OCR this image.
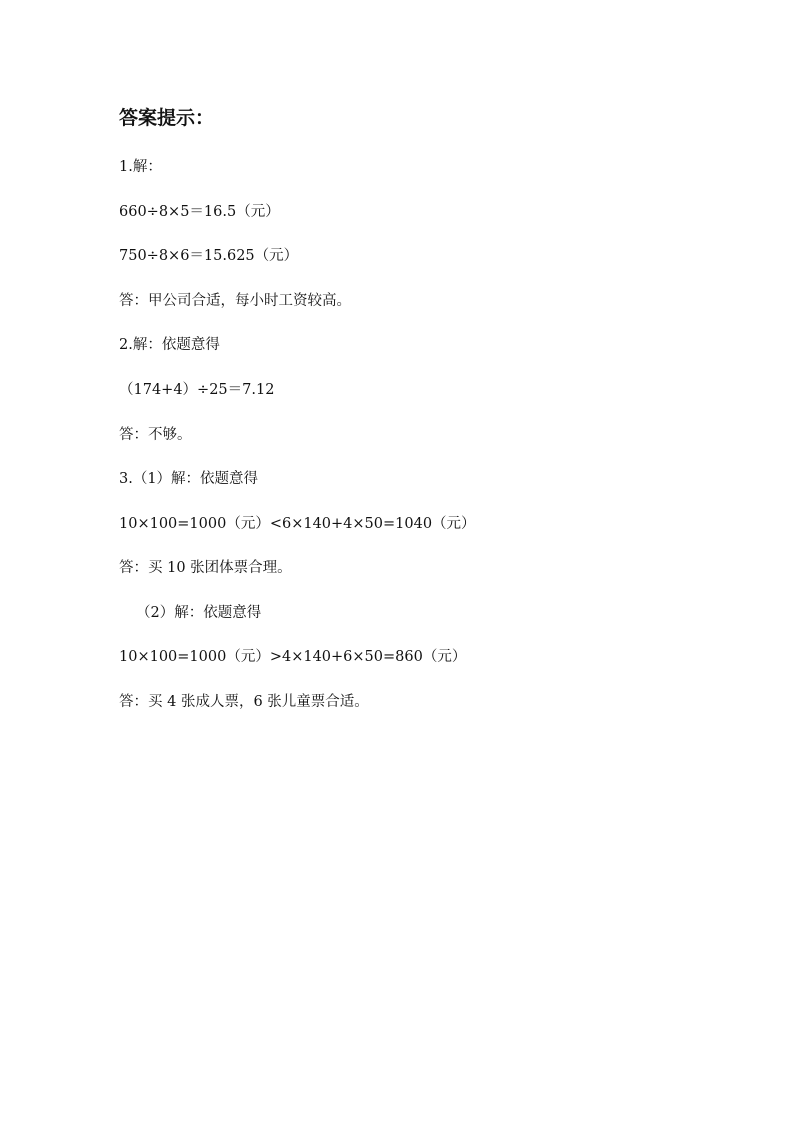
答案提示：
1.解：
660÷8×5＝16.5（元）
750÷8×6＝15.625（元）
答：甲公司合适，每小时工资较高。
2.解：依题意得
（174+4）÷25＝7.12
答：不够。
3.（1）解：依题意得
10×100=1000（元）<6×140+4×50=1040（元）
答：买 10 张团体票合理。
（2）解：依题意得
10×100=1000（元）>4×140+6×50=860（元）
答：买 4 张成人票，6 张儿童票合适。
